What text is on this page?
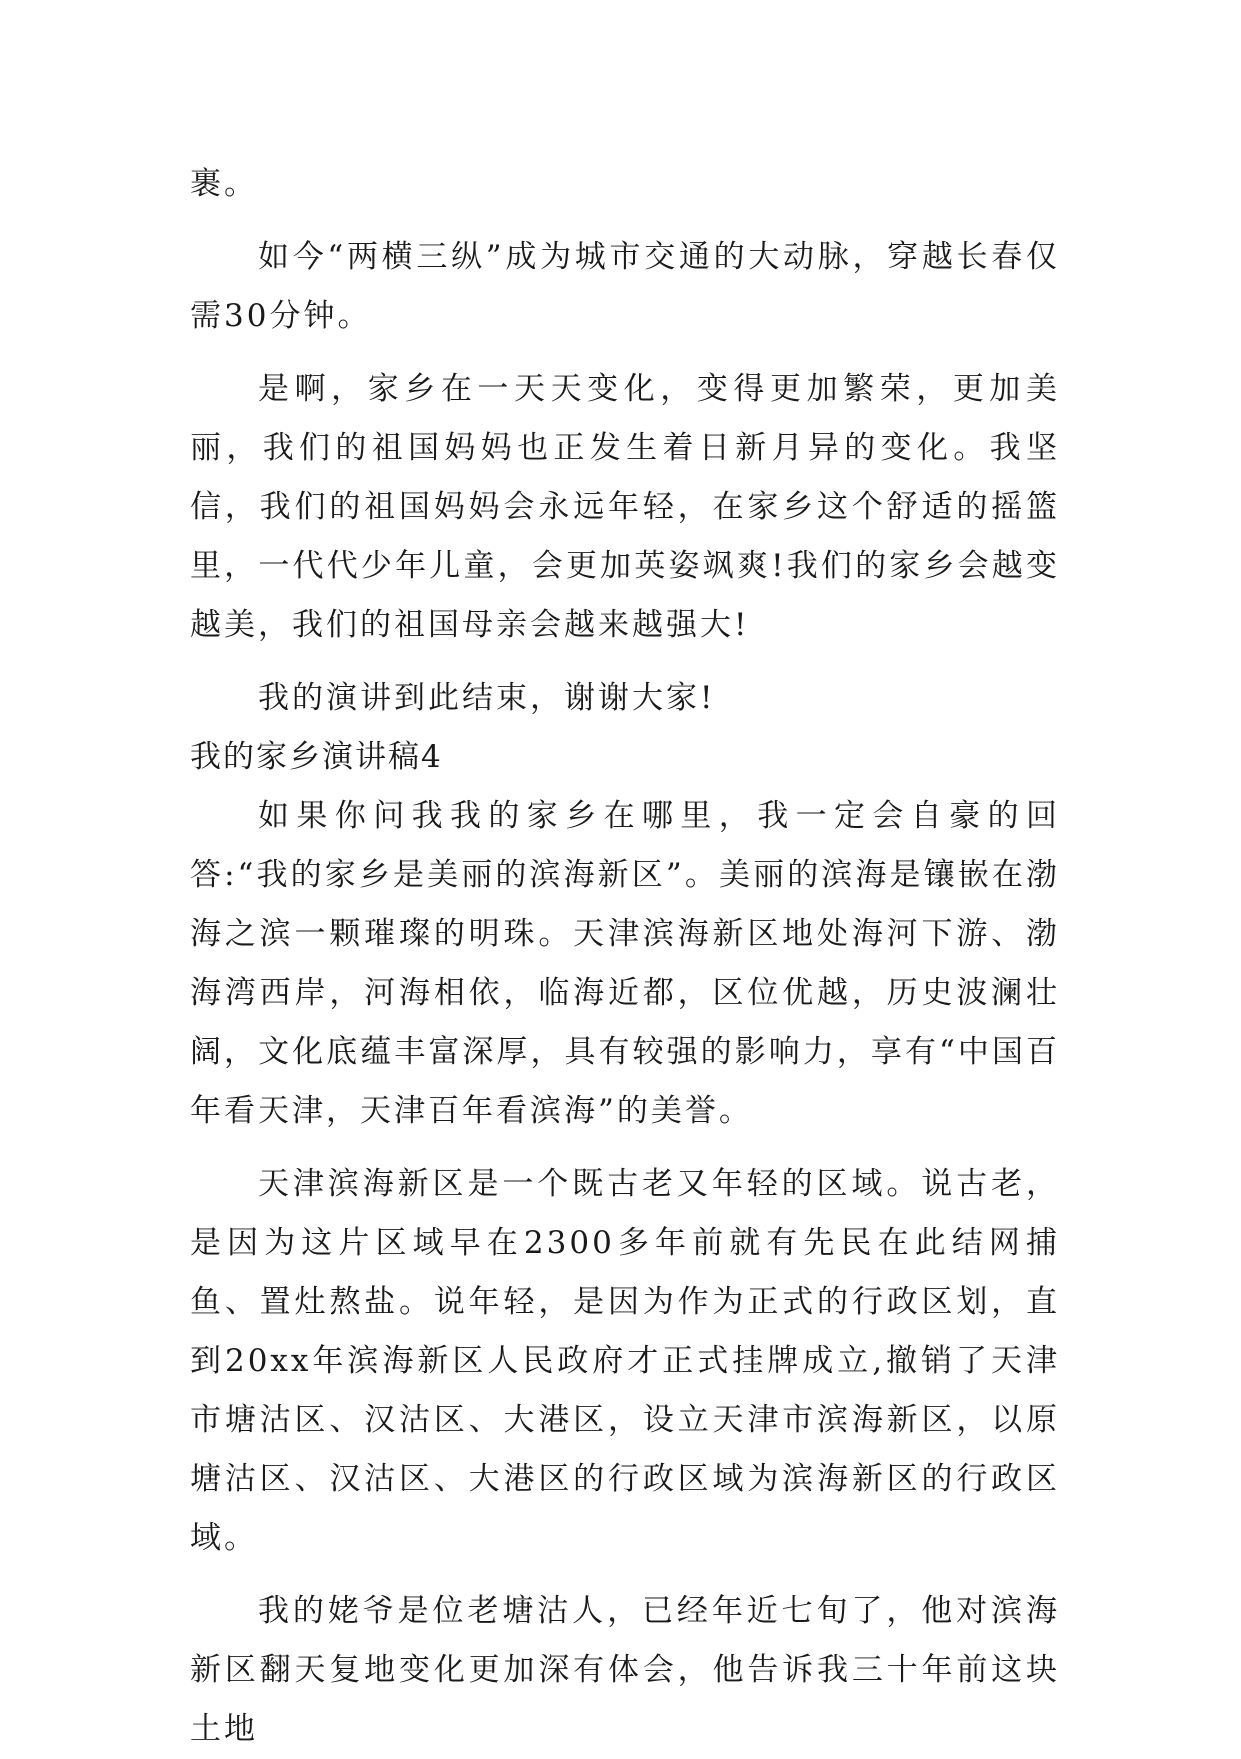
裹。

如今“两横三纵”成为城市交通的大动脉，穿越长春仅需30分钟。

是啊，家乡在一天天变化，变得更加繁荣，更加美丽，我们的祖国妈妈也正发生着日新月异的变化。我坚信，我们的祖国妈妈会永远年轻，在家乡这个舒适的摇篮里，一代代少年儿童，会更加英姿飒爽!我们的家乡会越变越美，我们的祖国母亲会越来越强大!

我的演讲到此结束，谢谢大家!

我的家乡演讲稿4

如果你问我我的家乡在哪里，我一定会自豪的回答:“我的家乡是美丽的滨海新区”。美丽的滨海是镶嵌在渤海之滨一颗璀璨的明珠。天津滨海新区地处海河下游、渤海湾西岸，河海相依，临海近都，区位优越，历史波澜壮阔，文化底蕴丰富深厚，具有较强的影响力，享有“中国百年看天津，天津百年看滨海”的美誉。

天津滨海新区是一个既古老又年轻的区域。说古老，是因为这片区域早在2300多年前就有先民在此结网捕鱼、置灶熬盐。说年轻，是因为作为正式的行政区划，直到20xx年滨海新区人民政府才正式挂牌成立,撤销了天津市塘沽区、汉沽区、大港区，设立天津市滨海新区，以原塘沽区、汉沽区、大港区的行政区域为滨海新区的行政区域。

我的姥爷是位老塘沽人，已经年近七旬了，他对滨海新区翻天复地变化更加深有体会，他告诉我三十年前这块土地
